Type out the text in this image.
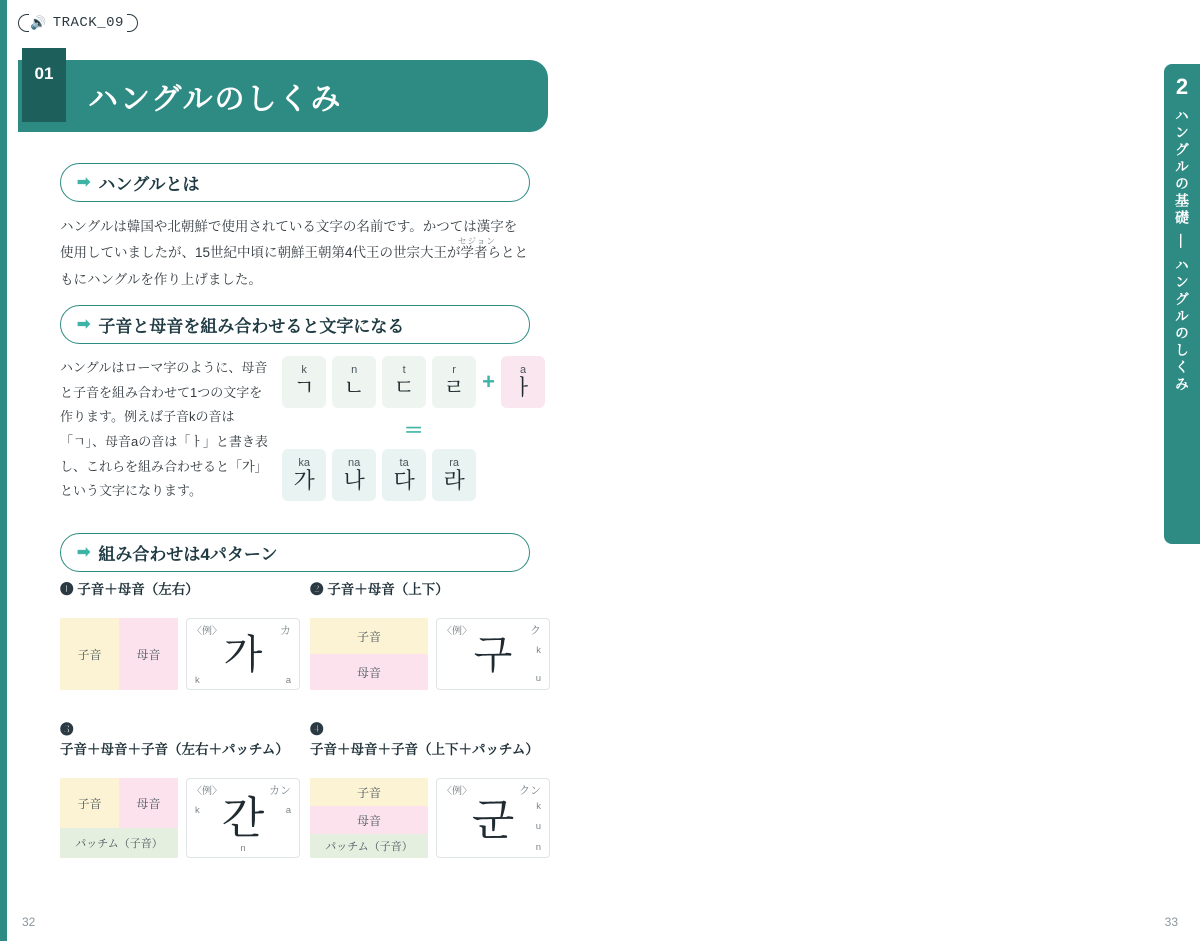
🔊 TRACK_09
01
ハングルのしくみ
➡ ハングルとは
ハングルは韓国や北朝鮮で使用されている文字の名前です。かつては漢字を使用していましたが、15世紀中頃に朝鮮王朝第4代王の世宗大王が学者らとともにハングルを作り上げました。
セジョン
➡ 子音と母音を組み合わせると文字になる
ハングルはローマ字のように、母音と子音を組み合わせて1つの文字を作ります。例えば子音kの音は「ㄱ」、母音aの音は「ㅏ」と書き表し、これらを組み合わせると「가」という文字になります。
k
ㄱ
n
ㄴ
t
ㄷ
r
ㄹ + a
ㅏ
＝
ka
가
na
나
ta
다
ra
라
➡ 組み合わせは4パターン
❶ 子音＋母音（左右）
子音	母音
〈例〉	カ
가
k	a
❷ 子音＋母音（上下）
子音
母音
〈例〉	ク
구	k
u
❸ 子音＋母音＋子音（左右＋パッチム）
子音	母音
パッチム（子音）
〈例〉	カン
간
k	a
n
❹ 子音＋母音＋子音（上下＋パッチム）
子音
母音
パッチム（子音）
〈例〉	クン
군	k
u
n
32
2
ハングルの基礎 ― ハングルのしくみ
33
